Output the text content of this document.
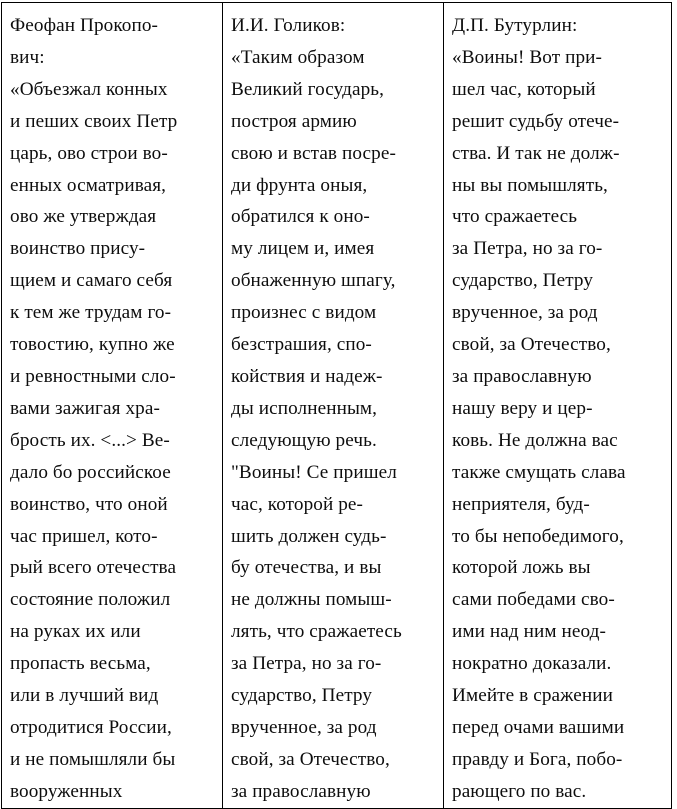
Феофан Прокопо-
вич:
«Объезжал конных
и пеших своих Петр
царь, ово строи во-
енных осматривая,
ово же утверждая
воинство прису-
щием и самаго себя
к тем же трудам го-
товостию, купно же
и ревностными сло-
вами зажигая хра-
брость их. <...> Ве-
дало бо российское
воинство, что оной
час пришел, кото-
рый всего отечества
состояние положил
на руках их или
пропасть весьма,
или в лучший вид
отродитися России,
и не помышляли бы
вооруженных

И.И. Голиков:
«Таким образом
Великий государь,
построя армию
свою и встав посре-
ди фрунта оныя,
обратился к оно-
му лицем и, имея
обнаженную шпагу,
произнес с видом
безстрашия, спо-
койствия и надеж-
ды исполненным,
следующую речь.
"Воины! Се пришел
час, которой ре-
шить должен судь-
бу отечества, и вы
не должны помыш-
лять, что сражаетесь
за Петра, но за го-
сударство, Петру
врученное, за род
свой, за Отечество,
за православную

Д.П. Бутурлин:
«Воины! Вот при-
шел час, который
решит судьбу отече-
ства. И так не долж-
ны вы помышлять,
что сражаетесь
за Петра, но за го-
сударство, Петру
врученное, за род
свой, за Отечество,
за православную
нашу веру и цер-
ковь. Не должна вас
также смущать слава
неприятеля, буд-
то бы непобедимого,
которой ложь вы
сами победами сво-
ими над ним неод-
нократно доказали.
Имейте в сражении
перед очами вашими
правду и Бога, побо-
рающего по вас.
